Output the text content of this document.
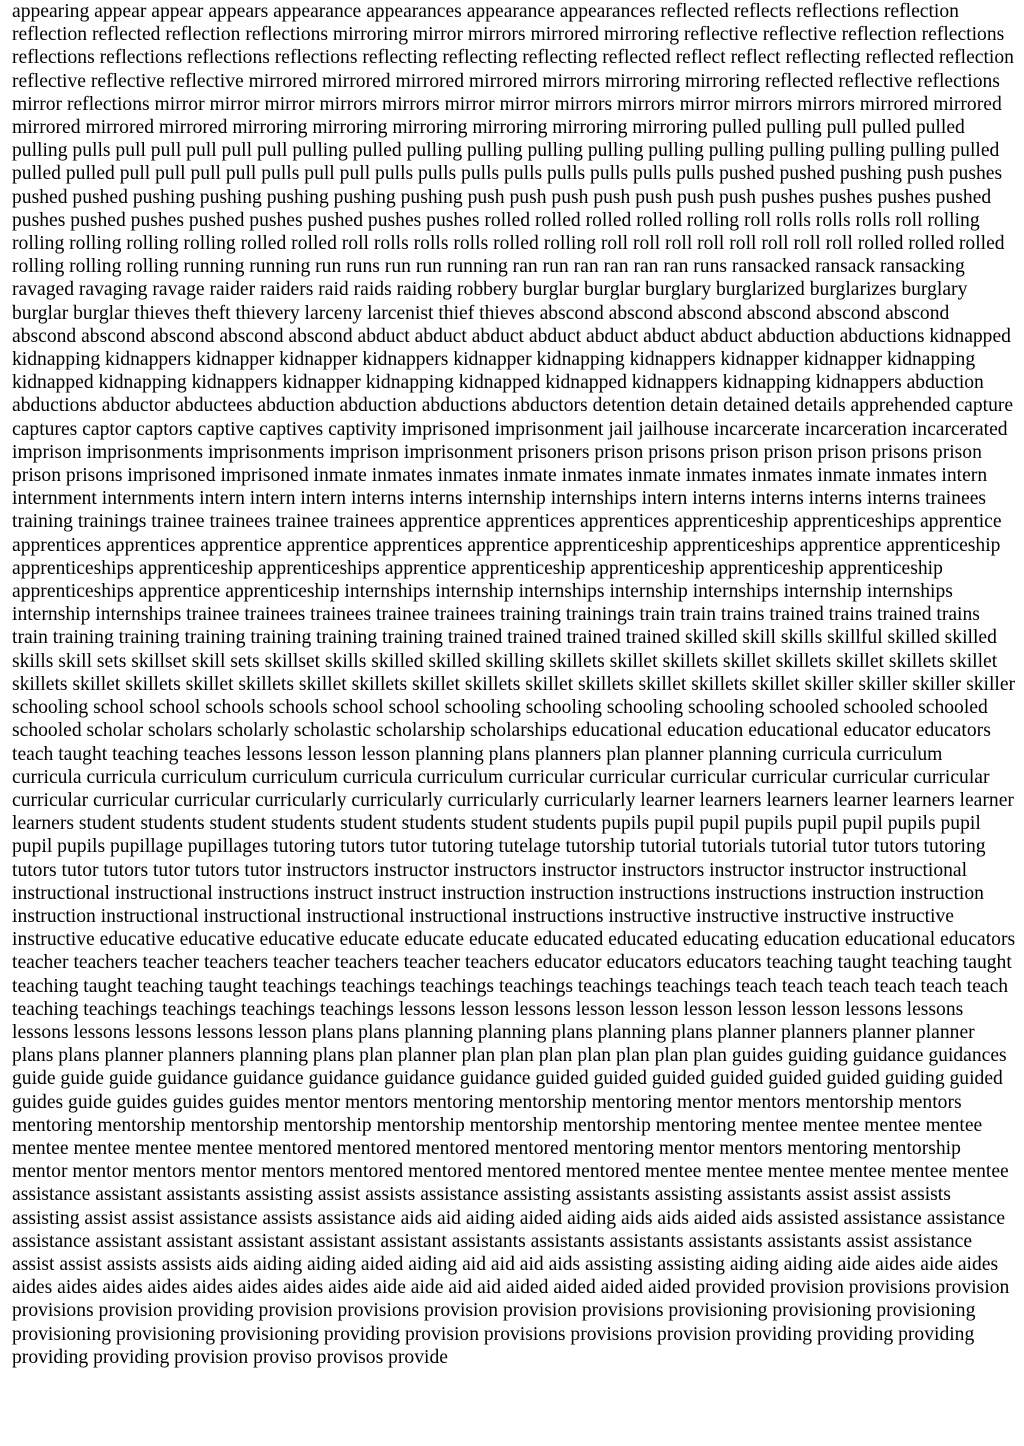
appearing appear appear appears appearance appearances appearance appearances reflected reflects reflections reflection reflection reflected reflection reflections mirroring mirror mirrors mirrored mirroring reflective reflective reflection reflections reflections reflections reflections reflections reflecting reflecting reflecting reflected reflect reflect reflecting reflected reflection reflective reflective reflective mirrored mirrored mirrored mirrored mirrors mirroring mirroring reflected reflective reflections mirror reflections mirror mirror mirror mirrors mirrors mirror mirror mirrors mirrors mirror mirrors mirrors mirrored mirrored mirrored mirrored mirrored mirroring mirroring mirroring mirroring mirroring mirroring pulled pulling pull pulled pulled pulling pulls pull pull pull pull pull pulling pulled pulling pulling pulling pulling pulling pulling pulling pulling pulling pulled pulled pulled pull pull pull pull pulls pull pull pulls pulls pulls pulls pulls pulls pulls pulls pushed pushed pushing push pushes pushed pushed pushing pushing pushing pushing pushing push push push push push push push pushes pushes pushes pushed pushes pushed pushes pushed pushes pushed pushes pushes rolled rolled rolled rolled rolling roll rolls rolls rolls roll rolling rolling rolling rolling rolling rolled rolled roll rolls rolls rolls rolled rolling roll roll roll roll roll roll roll roll rolled rolled rolled rolling rolling rolling running running run runs run run running ran run ran ran ran ran runs ransacked ransack ransacking ravaged ravaging ravage raider raiders raid raids raiding robbery burglar burglar burglary burglarized burglarizes burglary burglar burglar thieves theft thievery larceny larcenist thief thieves abscond abscond abscond abscond abscond abscond abscond abscond abscond abscond abscond abduct abduct abduct abduct abduct abduct abduct abduction abductions kidnapped kidnapping kidnappers kidnapper kidnapper kidnappers kidnapper kidnapping kidnappers kidnapper kidnapper kidnapping kidnapped kidnapping kidnappers kidnapper kidnapping kidnapped kidnapped kidnappers kidnapping kidnappers abduction abductions abductor abductees abduction abduction abductions abductors detention detain detained details apprehended capture captures captor captors captive captives captivity imprisoned imprisonment jail jailhouse incarcerate incarceration incarcerated imprison imprisonments imprisonments imprison imprisonment prisoners prison prisons prison prison prison prisons prison prison prisons imprisoned imprisoned inmate inmates inmates inmate inmates inmate inmates inmates inmate inmates intern internment internments intern intern intern interns interns internship internships intern interns interns interns interns trainees training trainings trainee trainees trainee trainees apprentice apprentices apprentices apprenticeship apprenticeships apprentice apprentices apprentices apprentice apprentice apprentices apprentice apprenticeship apprenticeships apprentice apprenticeship apprenticeships apprenticeship apprenticeships apprentice apprenticeship apprenticeship apprenticeship apprenticeship apprenticeships apprentice apprenticeship internships internship internships internship internships internship internships internship internships trainee trainees trainees trainee trainees training trainings train train trains trained trains trained trains train training training training training training training trained trained trained trained skilled skill skills skillful skilled skilled skills skill sets skillset skill sets skillset skills skilled skilled skilling skillets skillet skillets skillet skillets skillet skillets skillet skillets skillet skillets skillet skillets skillet skillets skillet skillets skillet skillets skillet skillets skillet skiller skiller skiller skiller schooling school school schools schools school school schooling schooling schooling schooling schooled schooled schooled schooled scholar scholars scholarly scholastic scholarship scholarships educational education educational educator educators teach taught teaching teaches lessons lesson lesson planning plans planners plan planner planning curricula curriculum curricula curricula curriculum curriculum curricula curriculum curricular curricular curricular curricular curricular curricular curricular curricular curricular curricularly curricularly curricularly curricularly learner learners learners learner learners learner learners student students student students student students student students pupils pupil pupil pupils pupil pupil pupils pupil pupil pupils pupillage pupillages tutoring tutors tutor tutoring tutelage tutorship tutorial tutorials tutorial tutor tutors tutoring tutors tutor tutors tutor tutors tutor instructors instructor instructors instructor instructors instructor instructor instructional instructional instructional instructions instruct instruct instruction instruction instructions instructions instruction instruction instruction instructional instructional instructional instructional instructions instructive instructive instructive instructive instructive educative educative educative educate educate educate educated educated educating education educational educators teacher teachers teacher teachers teacher teachers teacher teachers educator educators educators teaching taught teaching taught teaching taught teaching taught teachings teachings teachings teachings teachings teachings teach teach teach teach teach teach teaching teachings teachings teachings teachings lessons lesson lessons lesson lesson lesson lesson lesson lessons lessons lessons lessons lessons lessons lesson plans plans planning planning plans planning plans planner planners planner planner plans plans planner planners planning plans plan planner plan plan plan plan plan plan plan guides guiding guidance guidances guide guide guide guidance guidance guidance guidance guidance guided guided guided guided guided guided guiding guided guides guide guides guides guides mentor mentors mentoring mentorship mentoring mentor mentors mentorship mentors mentoring mentorship mentorship mentorship mentorship mentorship mentorship mentoring mentee mentee mentee mentee mentee mentee mentee mentee mentored mentored mentored mentored mentoring mentor mentors mentoring mentorship mentor mentor mentors mentor mentors mentored mentored mentored mentored mentee mentee mentee mentee mentee mentee assistance assistant assistants assisting assist assists assistance assisting assistants assisting assistants assist assist assists assisting assist assist assistance assists assistance aids aid aiding aided aiding aids aids aided aids assisted assistance assistance assistance assistant assistant assistant assistant assistant assistants assistants assistants assistants assistants assist assistance assist assist assists assists aids aiding aiding aided aiding aid aid aid aids assisting assisting aiding aiding aide aides aide aides aides aides aides aides aides aides aides aides aide aide aid aid aided aided aided aided provided provision provisions provision provisions provision providing provision provisions provision provision provisions provisioning provisioning provisioning provisioning provisioning provisioning providing provision provisions provisions provision providing providing providing providing providing provision proviso provisos provide
